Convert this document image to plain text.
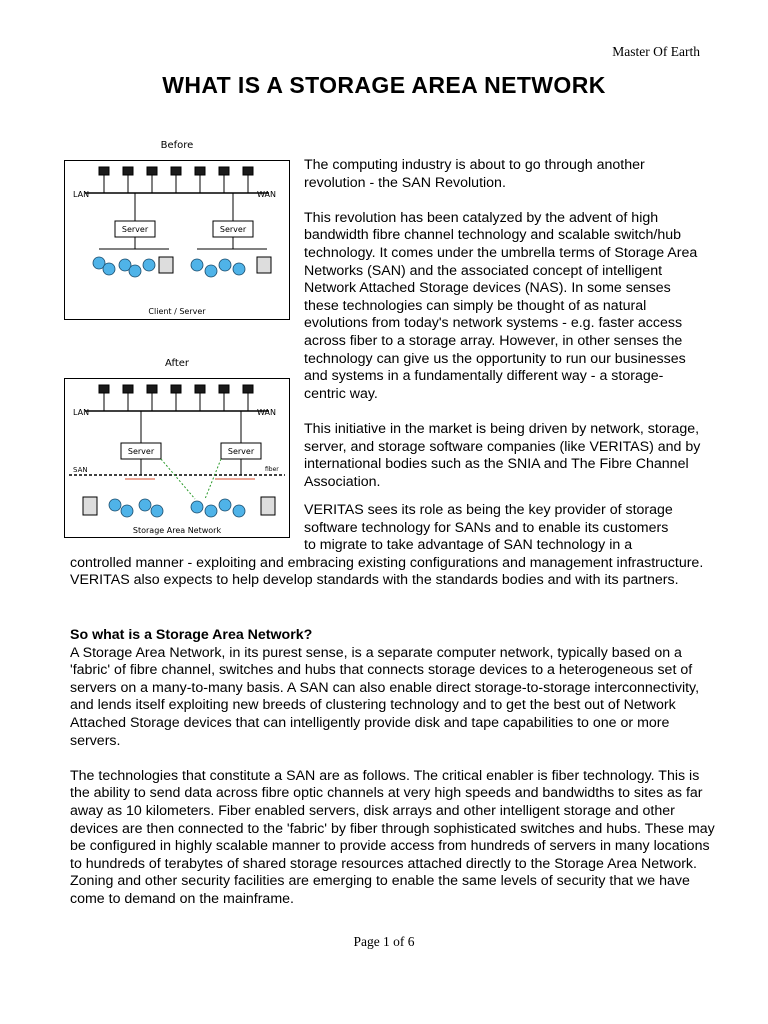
Master Of Earth
WHAT IS A STORAGE AREA NETWORK
Before
LAN	WAN
Server	Server
Client / Server
After
LAN	WAN
Server	Server
SAN	fiber
Storage Area Network

The computing industry is about to go through another revolution - the SAN Revolution.

This revolution has been catalyzed by the advent of high bandwidth fibre channel technology and scalable switch/hub technology. It comes under the umbrella terms of Storage Area Networks (SAN) and the associated concept of intelligent Network Attached Storage devices (NAS). In some senses these technologies can simply be thought of as natural evolutions from today's network systems - e.g. faster access across fiber to a storage array. However, in other senses the technology can give us the opportunity to run our businesses and systems in a fundamentally different way - a storage-centric way.

This initiative in the market is being driven by network, storage, server, and storage software companies (like VERITAS) and by international bodies such as the SNIA and The Fibre Channel Association.

VERITAS sees its role as being the key provider of storage
software technology for SANs and to enable its customers
to migrate to take advantage of SAN technology in a
controlled manner - exploiting and embracing existing configurations and management infrastructure. VERITAS also expects to help develop standards with the standards bodies and with its partners.
So what is a Storage Area Network?

A Storage Area Network, in its purest sense, is a separate computer network, typically based on a 'fabric' of fibre channel, switches and hubs that connects storage devices to a heterogeneous set of servers on a many-to-many basis. A SAN can also enable direct storage-to-storage interconnectivity, and lends itself exploiting new breeds of clustering technology and to get the best out of Network Attached Storage devices that can intelligently provide disk and tape capabilities to one or more servers.

The technologies that constitute a SAN are as follows. The critical enabler is fiber technology. This is the ability to send data across fibre optic channels at very high speeds and bandwidths to sites as far away as 10 kilometers. Fiber enabled servers, disk arrays and other intelligent storage and other devices are then connected to the 'fabric' by fiber through sophisticated switches and hubs. These may be configured in highly scalable manner to provide access from hundreds of servers in many locations to hundreds of terabytes of shared storage resources attached directly to the Storage Area Network. Zoning and other security facilities are emerging to enable the same levels of security that we have come to demand on the mainframe.

Page 1 of 6
